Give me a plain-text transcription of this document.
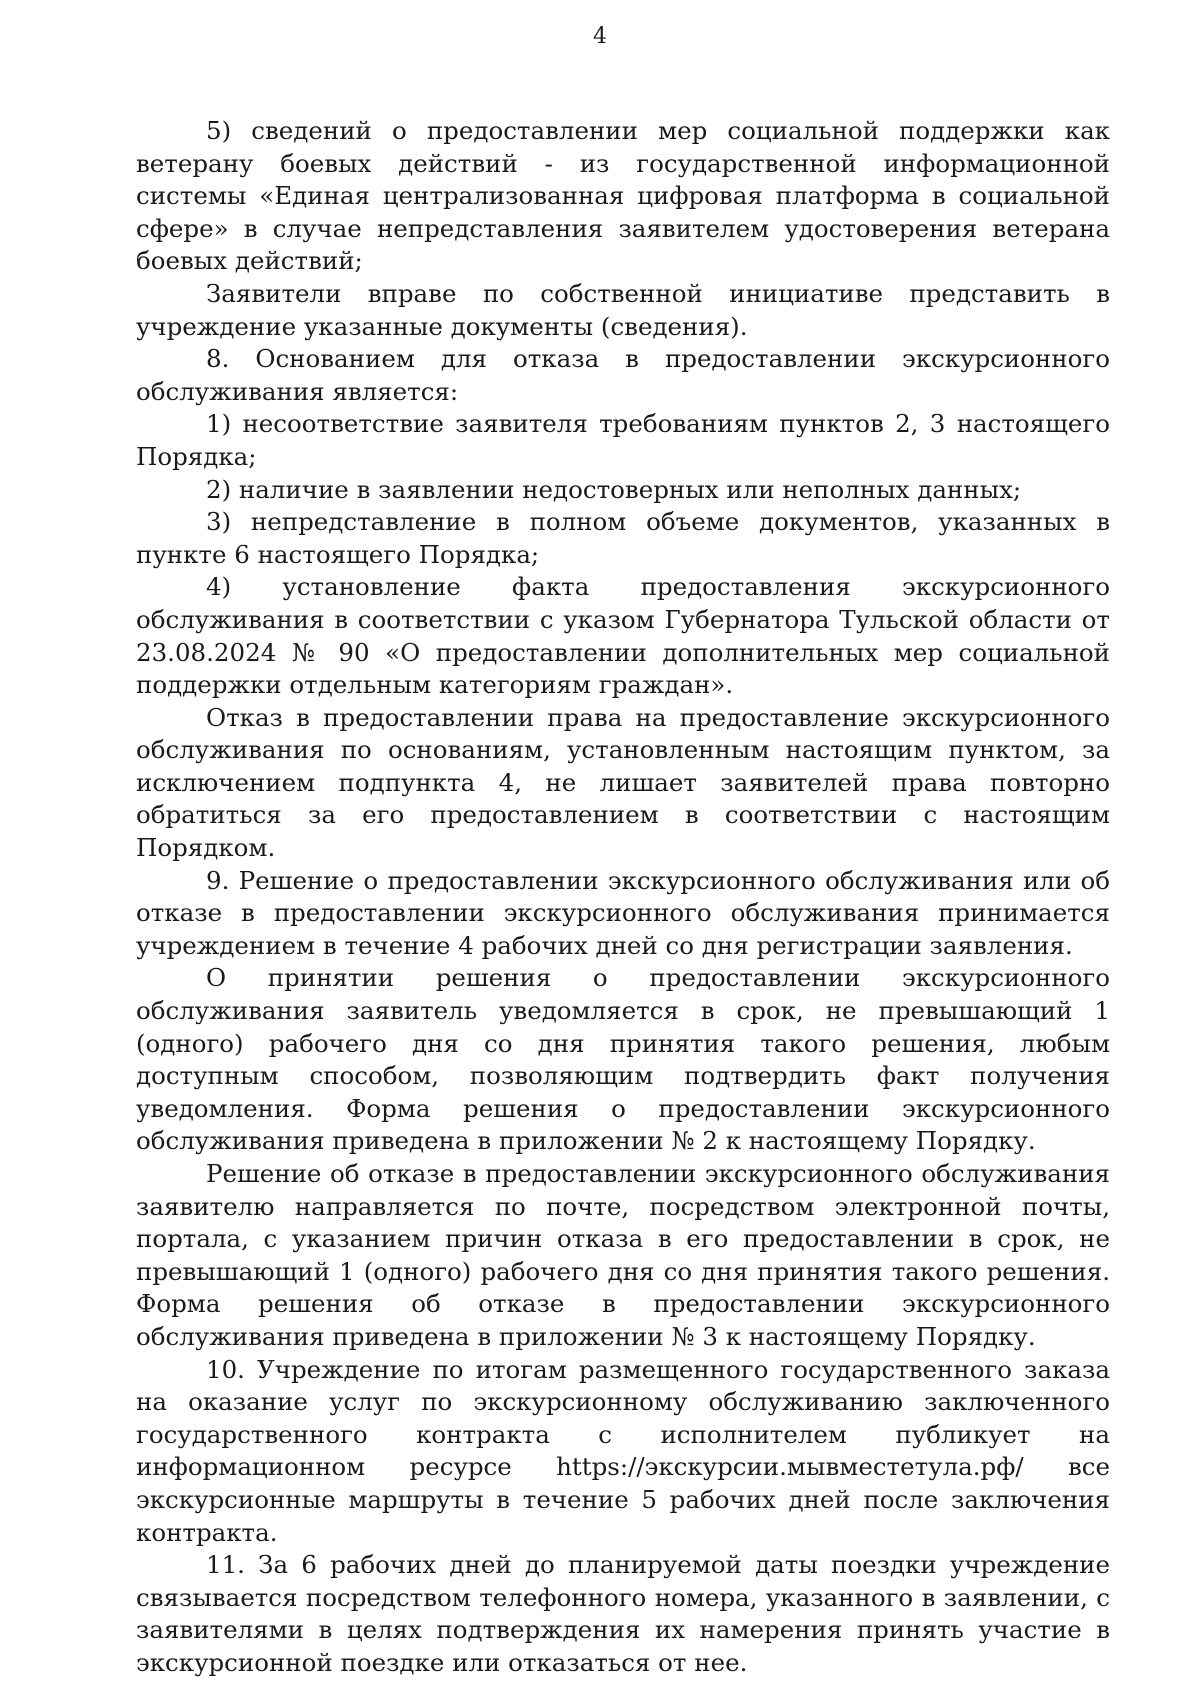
4

5) сведений о предоставлении мер социальной поддержки как ветерану боевых действий - из государственной информационной системы «Единая централизованная цифровая платформа в социальной сфере» в случае непредставления заявителем удостоверения ветерана боевых действий;

Заявители вправе по собственной инициативе представить в учреждение указанные документы (сведения).

8. Основанием для отказа в предоставлении экскурсионного обслуживания является:

1) несоответствие заявителя требованиям пунктов 2, 3 настоящего Порядка;

2) наличие в заявлении недостоверных или неполных данных;

3) непредставление в полном объеме документов, указанных в пункте 6 настоящего Порядка;

4) установление факта предоставления экскурсионного обслуживания в соответствии с указом Губернатора Тульской области от 23.08.2024 № 90 «О предоставлении дополнительных мер социальной поддержки отдельным категориям граждан».

Отказ в предоставлении права на предоставление экскурсионного обслуживания по основаниям, установленным настоящим пунктом, за исключением подпункта 4, не лишает заявителей права повторно обратиться за его предоставлением в соответствии с настоящим Порядком.

9. Решение о предоставлении экскурсионного обслуживания или об отказе в предоставлении экскурсионного обслуживания принимается учреждением в течение 4 рабочих дней со дня регистрации заявления.

О принятии решения о предоставлении экскурсионного обслуживания заявитель уведомляется в срок, не превышающий 1 (одного) рабочего дня со дня принятия такого решения, любым доступным способом, позволяющим подтвердить факт получения уведомления. Форма решения о предоставлении экскурсионного обслуживания приведена в приложении № 2 к настоящему Порядку.

Решение об отказе в предоставлении экскурсионного обслуживания заявителю направляется по почте, посредством электронной почты, портала, с указанием причин отказа в его предоставлении в срок, не превышающий 1 (одного) рабочего дня со дня принятия такого решения. Форма решения об отказе в предоставлении экскурсионного обслуживания приведена в приложении № 3 к настоящему Порядку.

10. Учреждение по итогам размещенного государственного заказа на оказание услуг по экскурсионному обслуживанию заключенного государственного контракта с исполнителем публикует на информационном ресурсе https://экскурсии.мывместетула.рф/ все экскурсионные маршруты в течение 5 рабочих дней после заключения контракта.

11. За 6 рабочих дней до планируемой даты поездки учреждение связывается посредством телефонного номера, указанного в заявлении, с заявителями в целях подтверждения их намерения принять участие в экскурсионной поездке или отказаться от нее.
